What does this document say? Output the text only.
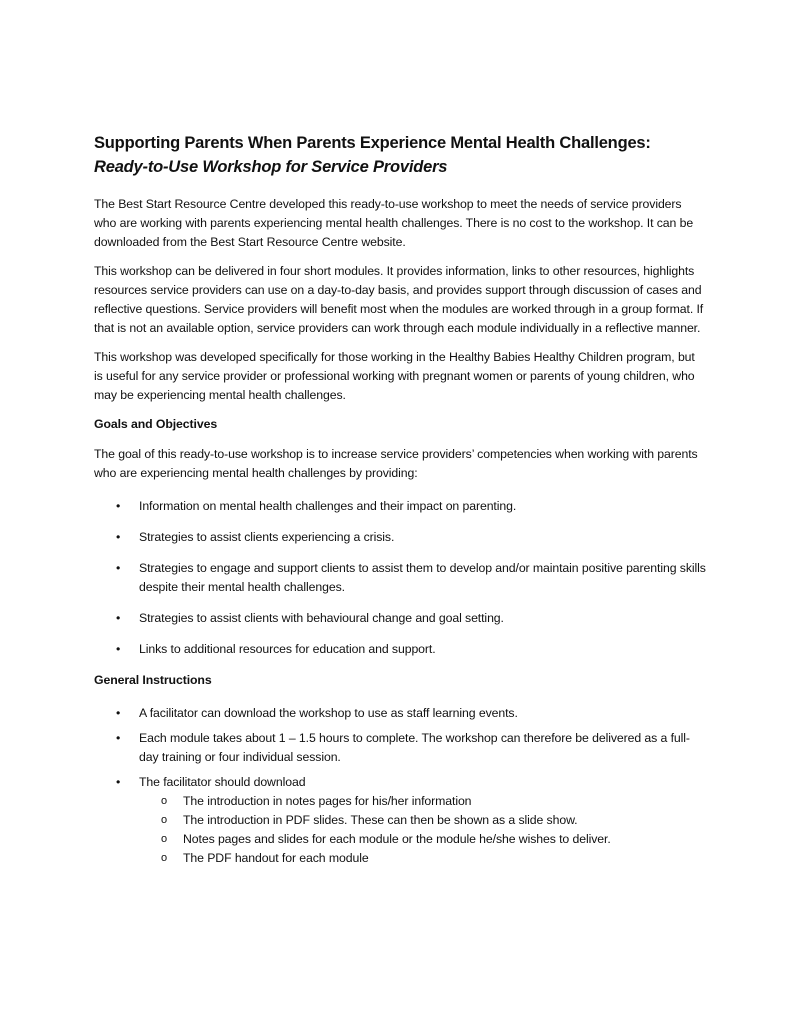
Supporting Parents When Parents Experience Mental Health Challenges:
Ready-to-Use Workshop for Service Providers

The Best Start Resource Centre developed this ready-to-use workshop to meet the needs of service providers who are working with parents experiencing mental health challenges. There is no cost to the workshop. It can be downloaded from the Best Start Resource Centre website.

This workshop can be delivered in four short modules. It provides information, links to other resources, highlights resources service providers can use on a day-to-day basis, and provides support through discussion of cases and reflective questions. Service providers will benefit most when the modules are worked through in a group format. If that is not an available option, service providers can work through each module individually in a reflective manner.

This workshop was developed specifically for those working in the Healthy Babies Healthy Children program, but is useful for any service provider or professional working with pregnant women or parents of young children, who may be experiencing mental health challenges.

Goals and Objectives

The goal of this ready-to-use workshop is to increase service providers’ competencies when working with parents who are experiencing mental health challenges by providing:

• Information on mental health challenges and their impact on parenting.
• Strategies to assist clients experiencing a crisis.
• Strategies to engage and support clients to assist them to develop and/or maintain positive parenting skills despite their mental health challenges.
• Strategies to assist clients with behavioural change and goal setting.
• Links to additional resources for education and support.
General Instructions
• A facilitator can download the workshop to use as staff learning events.
• Each module takes about 1 – 1.5 hours to complete. The workshop can therefore be delivered as a full-day training or four individual session.
• The facilitator should download
o The introduction in notes pages for his/her information
o The introduction in PDF slides. These can then be shown as a slide show.
o Notes pages and slides for each module or the module he/she wishes to deliver.
o The PDF handout for each module
